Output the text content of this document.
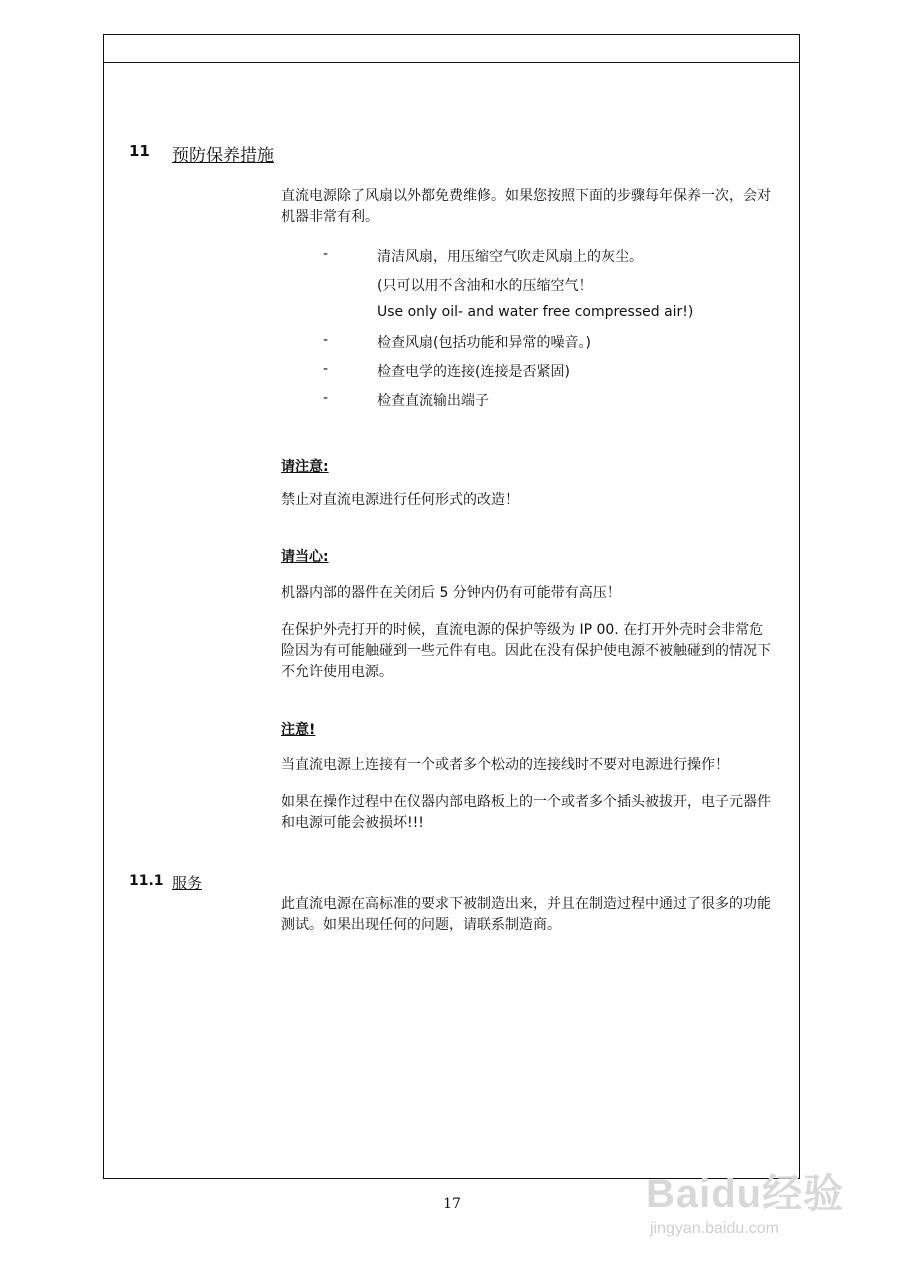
11 预防保养措施
直流电源除了风扇以外都免费维修。如果您按照下面的步骤每年保养一次，会对机器非常有利。
-	清洁风扇，用压缩空气吹走风扇上的灰尘。
(只可以用不含油和水的压缩空气！
Use only oil- and water free compressed air!)
-	检查风扇(包括功能和异常的噪音。)
-	检查电学的连接(连接是否紧固)
-	检查直流输出端子
请注意:
禁止对直流电源进行任何形式的改造！
请当心:
机器内部的器件在关闭后 5 分钟内仍有可能带有高压！
在保护外壳打开的时候，直流电源的保护等级为 IP 00. 在打开外壳时会非常危险因为有可能触碰到一些元件有电。因此在没有保护使电源不被触碰到的情况下不允许使用电源。
注意!
当直流电源上连接有一个或者多个松动的连接线时不要对电源进行操作！
如果在操作过程中在仪器内部电路板上的一个或者多个插头被拔开，电子元器件和电源可能会被损坏!!!
11.1 服务
此直流电源在高标准的要求下被制造出来，并且在制造过程中通过了很多的功能测试。如果出现任何的问题，请联系制造商。
17	Baidu经验
jingyan.baidu.com
